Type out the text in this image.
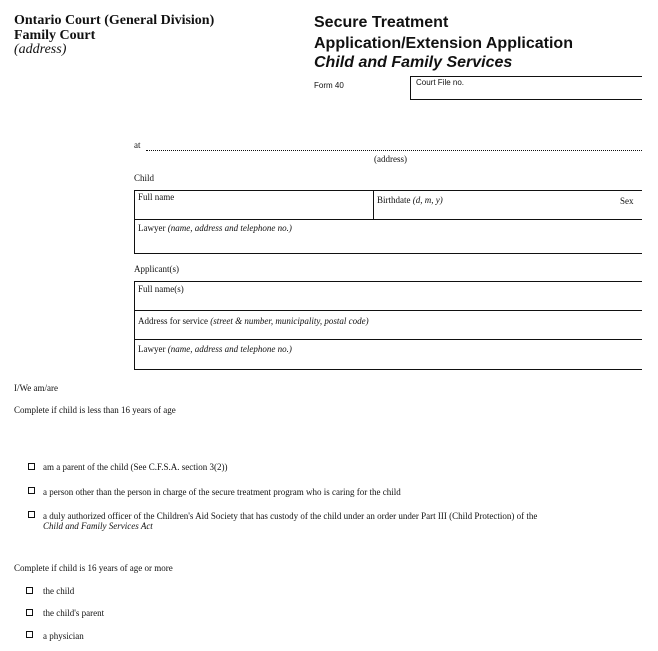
Ontario Court (General Division)
Family Court
(address)
Secure Treatment
Application/Extension Application
Child and Family Services
Form 40	Court File no.
at
(address)
Child
Full name	Birthdate (d, m, y)	Sex
Lawyer (name, address and telephone no.)
Applicant(s)
Full name(s)
Address for service (street & number, municipality, postal code)
Lawyer (name, address and telephone no.)
I/We am/are
Complete if child is less than 16 years of age
am a parent of the child (See C.F.S.A. section 3(2))
a person other than the person in charge of the secure treatment program who is caring for the child
a duly authorized officer of the Children's Aid Society that has custody of the child under an order under Part III (Child Protection) of the
Child and Family Services Act
Complete if child is 16 years of age or more
the child
the child's parent
a physician
